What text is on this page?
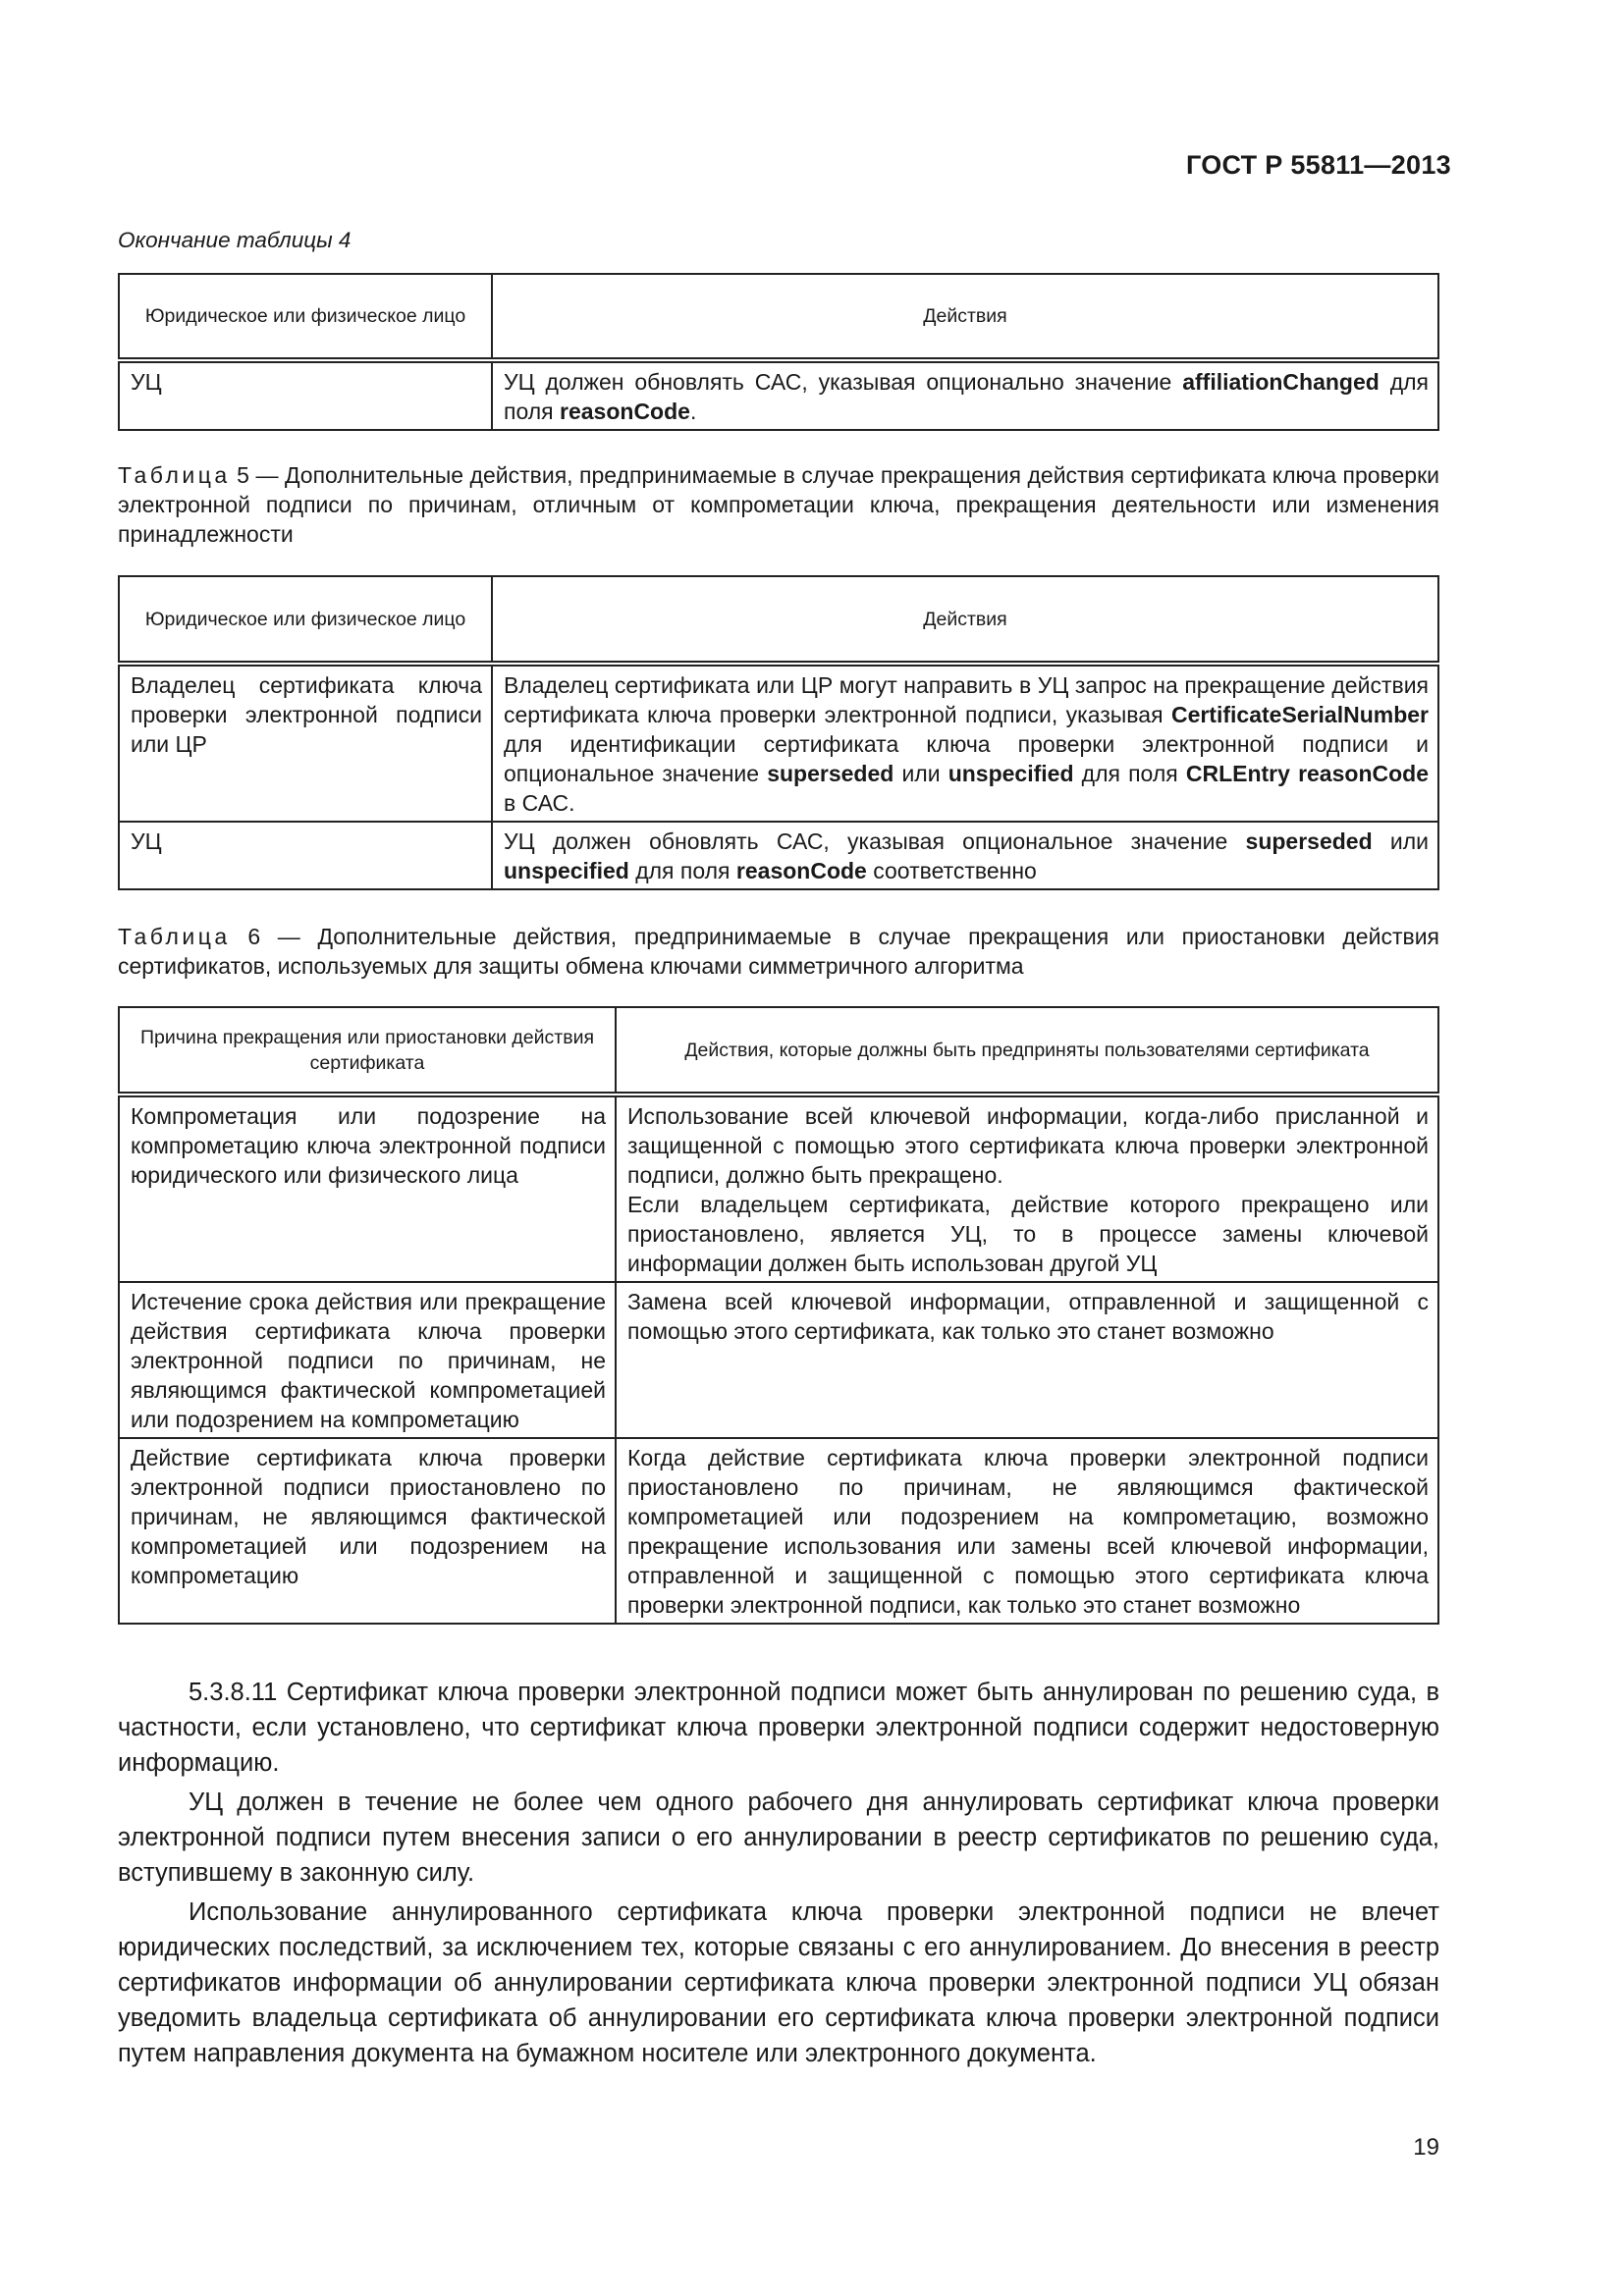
ГОСТ Р 55811—2013
Окончание таблицы 4
Юридическое или физическое лицо	Действия
УЦ	УЦ должен обновлять САС, указывая опционально значение affiliationChanged для поля reasonCode.
Таблица 5 — Дополнительные действия, предпринимаемые в случае прекращения действия сертификата ключа проверки электронной подписи по причинам, отличным от компрометации ключа, прекращения деятельности или изменения принадлежности
Юридическое или физическое лицо	Действия
Владелец сертификата ключа проверки электронной подписи или ЦР	Владелец сертификата или ЦР могут направить в УЦ запрос на прекращение действия сертификата ключа проверки электронной подписи, указывая CertificateSerialNumber для идентификации сертификата ключа проверки электронной подписи и опциональное значение superseded или unspecified для поля CRLEntry reasonCode в САС.
УЦ	УЦ должен обновлять САС, указывая опциональное значение superseded или unspecified для поля reasonCode соответственно
Таблица 6 — Дополнительные действия, предпринимаемые в случае прекращения или приостановки действия сертификатов, используемых для защиты обмена ключами симметричного алгоритма
Причина прекращения или приостановки действия сертификата	Действия, которые должны быть предприняты пользователями сертификата
Компрометация или подозрение на компрометацию ключа электронной подписи юридического или физического лица	Использование всей ключевой информации, когда-либо присланной и защищенной с помощью этого сертификата ключа проверки электронной подписи, должно быть прекращено.
Если владельцем сертификата, действие которого прекращено или приостановлено, является УЦ, то в процессе замены ключевой информации должен быть использован другой УЦ

Истечение срока действия или прекращение действия сертификата ключа проверки электронной подписи по причинам, не являющимся фактической компрометацией или подозрением на компрометацию	Замена всей ключевой информации, отправленной и защищенной с помощью этого сертификата, как только это станет возможно
Действие сертификата ключа проверки электронной подписи приостановлено по причинам, не являющимся фактической компрометацией или подозрением на компрометацию	Когда действие сертификата ключа проверки электронной подписи приостановлено по причинам, не являющимся фактической компрометацией или подозрением на компрометацию, возможно прекращение использования или замены всей ключевой информации, отправленной и защищенной с помощью этого сертификата ключа проверки электронной подписи, как только это станет возможно

5.3.8.11 Сертификат ключа проверки электронной подписи может быть аннулирован по решению суда, в частности, если установлено, что сертификат ключа проверки электронной подписи содержит недостоверную информацию.

УЦ должен в течение не более чем одного рабочего дня аннулировать сертификат ключа проверки электронной подписи путем внесения записи о его аннулировании в реестр сертификатов по решению суда, вступившему в законную силу.

Использование аннулированного сертификата ключа проверки электронной подписи не влечет юридических последствий, за исключением тех, которые связаны с его аннулированием. До внесения в реестр сертификатов информации об аннулировании сертификата ключа проверки электронной подписи УЦ обязан уведомить владельца сертификата об аннулировании его сертификата ключа проверки электронной подписи путем направления документа на бумажном носителе или электронного документа.

19
